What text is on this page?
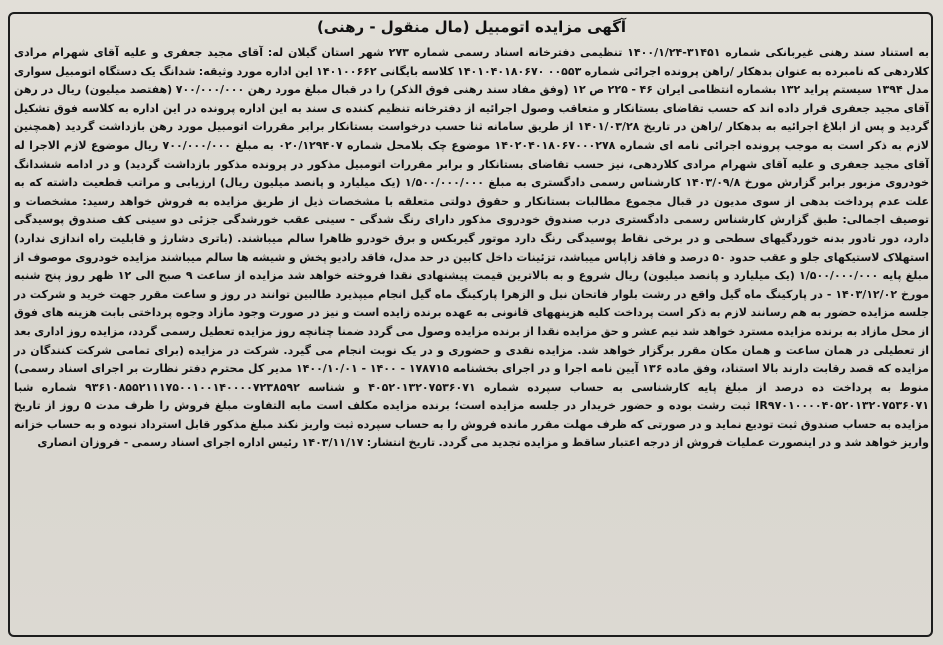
آگهی مزایده اتومبیل (مال منقول - رهنی)

به استناد سند رهنی غیربانکی شماره ۳۱۴۵۱-۱۴۰۰/۱/۲۴ تنظیمی دفترخانه اسناد رسمی شماره ۲۷۳ شهر استان گیلان له: آقای مجید جعفری و علیه آقای شهرام مرادی کلاردهی که نامبرده به عنوان بدهکار /راهن پرونده اجرائی شماره ۰۰۵۵۳ ۱۴۰۱۰۴۰۱۸۰۶۷۰ کلاسه بایگانی ۱۴۰۱۰۰۶۶۲ این اداره مورد وثیقه: شدانگ یک دستگاه اتومبیل سواری مدل ۱۳۹۴ سیستم پراید ۱۳۲ بشماره انتظامی ایران ۴۶ - ۲۲۵ ص ۱۲ (وفق مفاد سند رهنی فوق الذکر) را در قبال مبلغ مورد رهن ۷۰۰/۰۰۰/۰۰۰ (هفتصد میلیون) ریال در رهن آقای مجید جعفری قرار داده اند که حسب تقاضای بستانکار و متعاقب وصول اجرائیه از دفترخانه تنظیم کننده ی سند به این اداره پرونده در این اداره به کلاسه فوق تشکیل گردید و پس از ابلاغ اجرائیه به بدهکار /راهن در تاریخ ۱۴۰۱/۰۳/۲۸ از طریق سامانه ثنا حسب درخواست بستانکار برابر مقررات اتومبیل مورد رهن بازداشت گردید (همچنین لازم به ذکر است به موجب پرونده اجرائی نامه ای شماره ۱۴۰۲۰۴۰۱۸۰۶۷۰۰۰۲۷۸ موضوع چک بلامحل شماره ۰۲۰/۱۲۹۴۰۷ به مبلغ ۷۰۰/۰۰۰/۰۰۰ ریال موضوع لازم الاجرا له آقای مجید جعفری و علیه آقای شهرام مرادی کلاردهی، نیز حسب تقاضای بستانکار و برابر مقررات اتومبیل مذکور در پرونده مذکور بازداشت گردید) و در ادامه ششدانگ خودروی مزبور برابر گزارش مورخ ۱۴۰۳/۰۹/۸ کارشناس رسمی دادگستری به مبلغ ۱/۵۰۰/۰۰۰/۰۰۰ (یک میلیارد و پانصد میلیون ریال) ارزیابی و مراتب قطعیت داشته که به علت عدم پرداخت بدهی از سوی مدیون در قبال مجموع مطالبات بستانکار و حقوق دولتی متعلقه با مشخصات ذیل از طریق مزایده به فروش خواهد رسید: مشخصات و توصیف اجمالی: طبق گزارش کارشناس رسمی دادگستری درب صندوق خودروی مذکور دارای رنگ شدگی - سینی عقب خورشدگی جزئی دو سینی کف صندوق پوسیدگی دارد، دور تادور بدنه خوردگیهای سطحی و در برخی نقاط پوسیدگی رنگ دارد موتور گیربکس و برق خودرو ظاهرا سالم میباشند. (باتری دشارژ و قابلیت راه اندازی ندارد) استهلاک لاستیکهای جلو و عقب حدود ۵۰ درصد و فاقد زاپاس میباشد، تزئینات داخل کابین در حد مدل، فاقد رادیو پخش و شیشه ها سالم میباشند مزایده خودروی موصوف از مبلغ پایه ۱/۵۰۰/۰۰۰/۰۰۰ (یک میلیارد و پانصد میلیون) ریال شروع و به بالاترین قیمت پیشنهادی نقدا فروخته خواهد شد مزایده از ساعت ۹ صبح الی ۱۲ ظهر روز پنج شنبه مورخ ۱۴۰۳/۱۲/۰۲ - در پارکینگ ماه گیل واقع در رشت بلوار فاتحان نبل و الزهرا پارکینگ ماه گیل انجام میپذیرد طالبین توانند در روز و ساعت مقرر جهت خرید و شرکت در جلسه مزایده حضور به هم رسانند لازم به ذکر است پرداخت کلیه هزینههای قانونی به عهده برنده زایده است و نیز در صورت وجود مازاد وجوه پرداختی بابت هزینه های فوق از محل مازاد به برنده مزایده مسترد خواهد شد نیم عشر و حق مزایده نقدا از برنده مزایده وصول می گردد ضمنا چنانچه روز مزایده تعطیل رسمی گردد، مزایده روز اداری بعد از تعطیلی در همان ساعت و همان مکان مقرر برگزار خواهد شد. مزایده نقدی و حضوری و در یک نوبت انجام می گیرد. شرکت در مزایده (برای تمامی شرکت کنندگان در مزایده که قصد رقابت دارند بالا استناد، وفق ماده ۱۳۶ آیین نامه اجرا و در اجرای بخشنامه ۱۷۸۷۱۵ - ۱۴۰۰ - ۱۴۰۰/۱۰/۰۱ مدیر کل محترم دفتر نظارت بر اجرای اسناد رسمی) منوط به پرداخت ده درصد از مبلغ پایه کارشناسی به حساب سپرده شماره ۴۰۵۲۰۱۳۲۰۷۵۳۶۰۷۱ و شناسه ۹۳۶۱۰۸۵۵۲۱۱۱۷۵۰۰۱۰۰۱۴۰۰۰۰۷۲۳۸۵۹۲ شماره شبا IR۹۷۰۱۰۰۰۰۴۰۵۲۰۱۳۲۰۷۵۳۶۰۷۱ ثبت رشت بوده و حضور خریدار در جلسه مزایده است؛ برنده مزایده مکلف است مابه التفاوت مبلغ فروش را ظرف مدت ۵ روز از تاریخ مزایده به حساب صندوق ثبت تودیع نماید و در صورتی که ظرف مهلت مقرر مانده فروش را به حساب سپرده ثبت واریز نکند مبلغ مذکور قابل استرداد نبوده و به حساب خزانه واریز خواهد شد و در اینصورت عملیات فروش از درجه اعتبار ساقط و مزایده تجدید می گردد. تاریخ انتشار: ۱۴۰۳/۱۱/۱۷ رئیس اداره اجرای اسناد رسمی - فروزان انصاری
